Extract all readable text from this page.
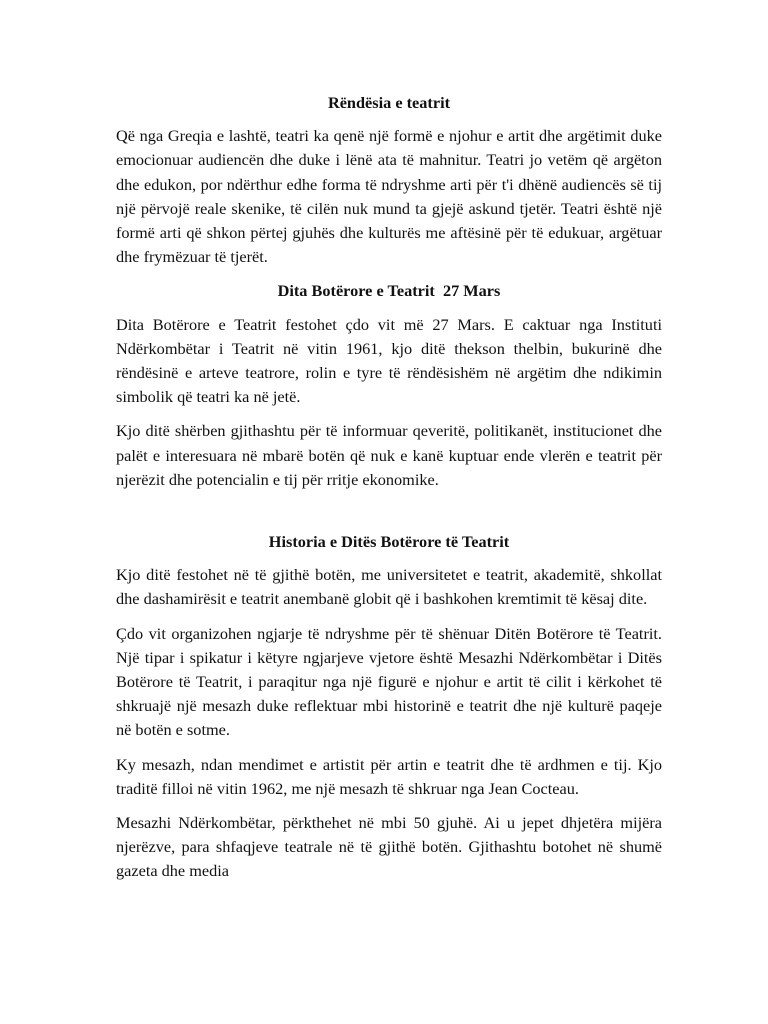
Rëndësia e teatrit

Që nga Greqia e lashtë, teatri ka qenë një formë e njohur e artit dhe argëtimit duke emocionuar audiencën dhe duke i lënë ata të mahnitur. Teatri jo vetëm që argëton dhe edukon, por ndërthur edhe forma të ndryshme arti për t'i dhënë audiencës së tij një përvojë reale skenike, të cilën nuk mund ta gjejë askund tjetër. Teatri është një formë arti që shkon përtej gjuhës dhe kulturës me aftësinë për të edukuar, argëtuar dhe frymëzuar të tjerët.

Dita Botërore e Teatrit  27 Mars

Dita Botërore e Teatrit festohet çdo vit më 27 Mars. E caktuar nga Instituti Ndërkombëtar i Teatrit në vitin 1961, kjo ditë thekson thelbin, bukurinë dhe rëndësinë e arteve teatrore, rolin e tyre të rëndësishëm në argëtim dhe ndikimin simbolik që teatri ka në jetë.

Kjo ditë shërben gjithashtu për të informuar qeveritë, politikanët, institucionet dhe palët e interesuara në mbarë botën që nuk e kanë kuptuar ende vlerën e teatrit për njerëzit dhe potencialin e tij për rritje ekonomike.

Historia e Ditës Botërore të Teatrit

Kjo ditë festohet në të gjithë botën, me universitetet e teatrit, akademitë, shkollat dhe dashamirësit e teatrit anembanë globit që i bashkohen kremtimit të kësaj dite.

Çdo vit organizohen ngjarje të ndryshme për të shënuar Ditën Botërore të Teatrit. Një tipar i spikatur i këtyre ngjarjeve vjetore është Mesazhi Ndërkombëtar i Ditës Botërore të Teatrit, i paraqitur nga një figurë e njohur e artit të cilit i kërkohet të shkruajë një mesazh duke reflektuar mbi historinë e teatrit dhe një kulturë paqeje në botën e sotme.

Ky mesazh, ndan mendimet e artistit për artin e teatrit dhe të ardhmen e tij. Kjo traditë filloi në vitin 1962, me një mesazh të shkruar nga Jean Cocteau.

Mesazhi Ndërkombëtar, përkthehet në mbi 50 gjuhë. Ai u jepet dhjetëra mijëra njerëzve, para shfaqjeve teatrale në të gjithë botën. Gjithashtu botohet në shumë gazeta dhe media
